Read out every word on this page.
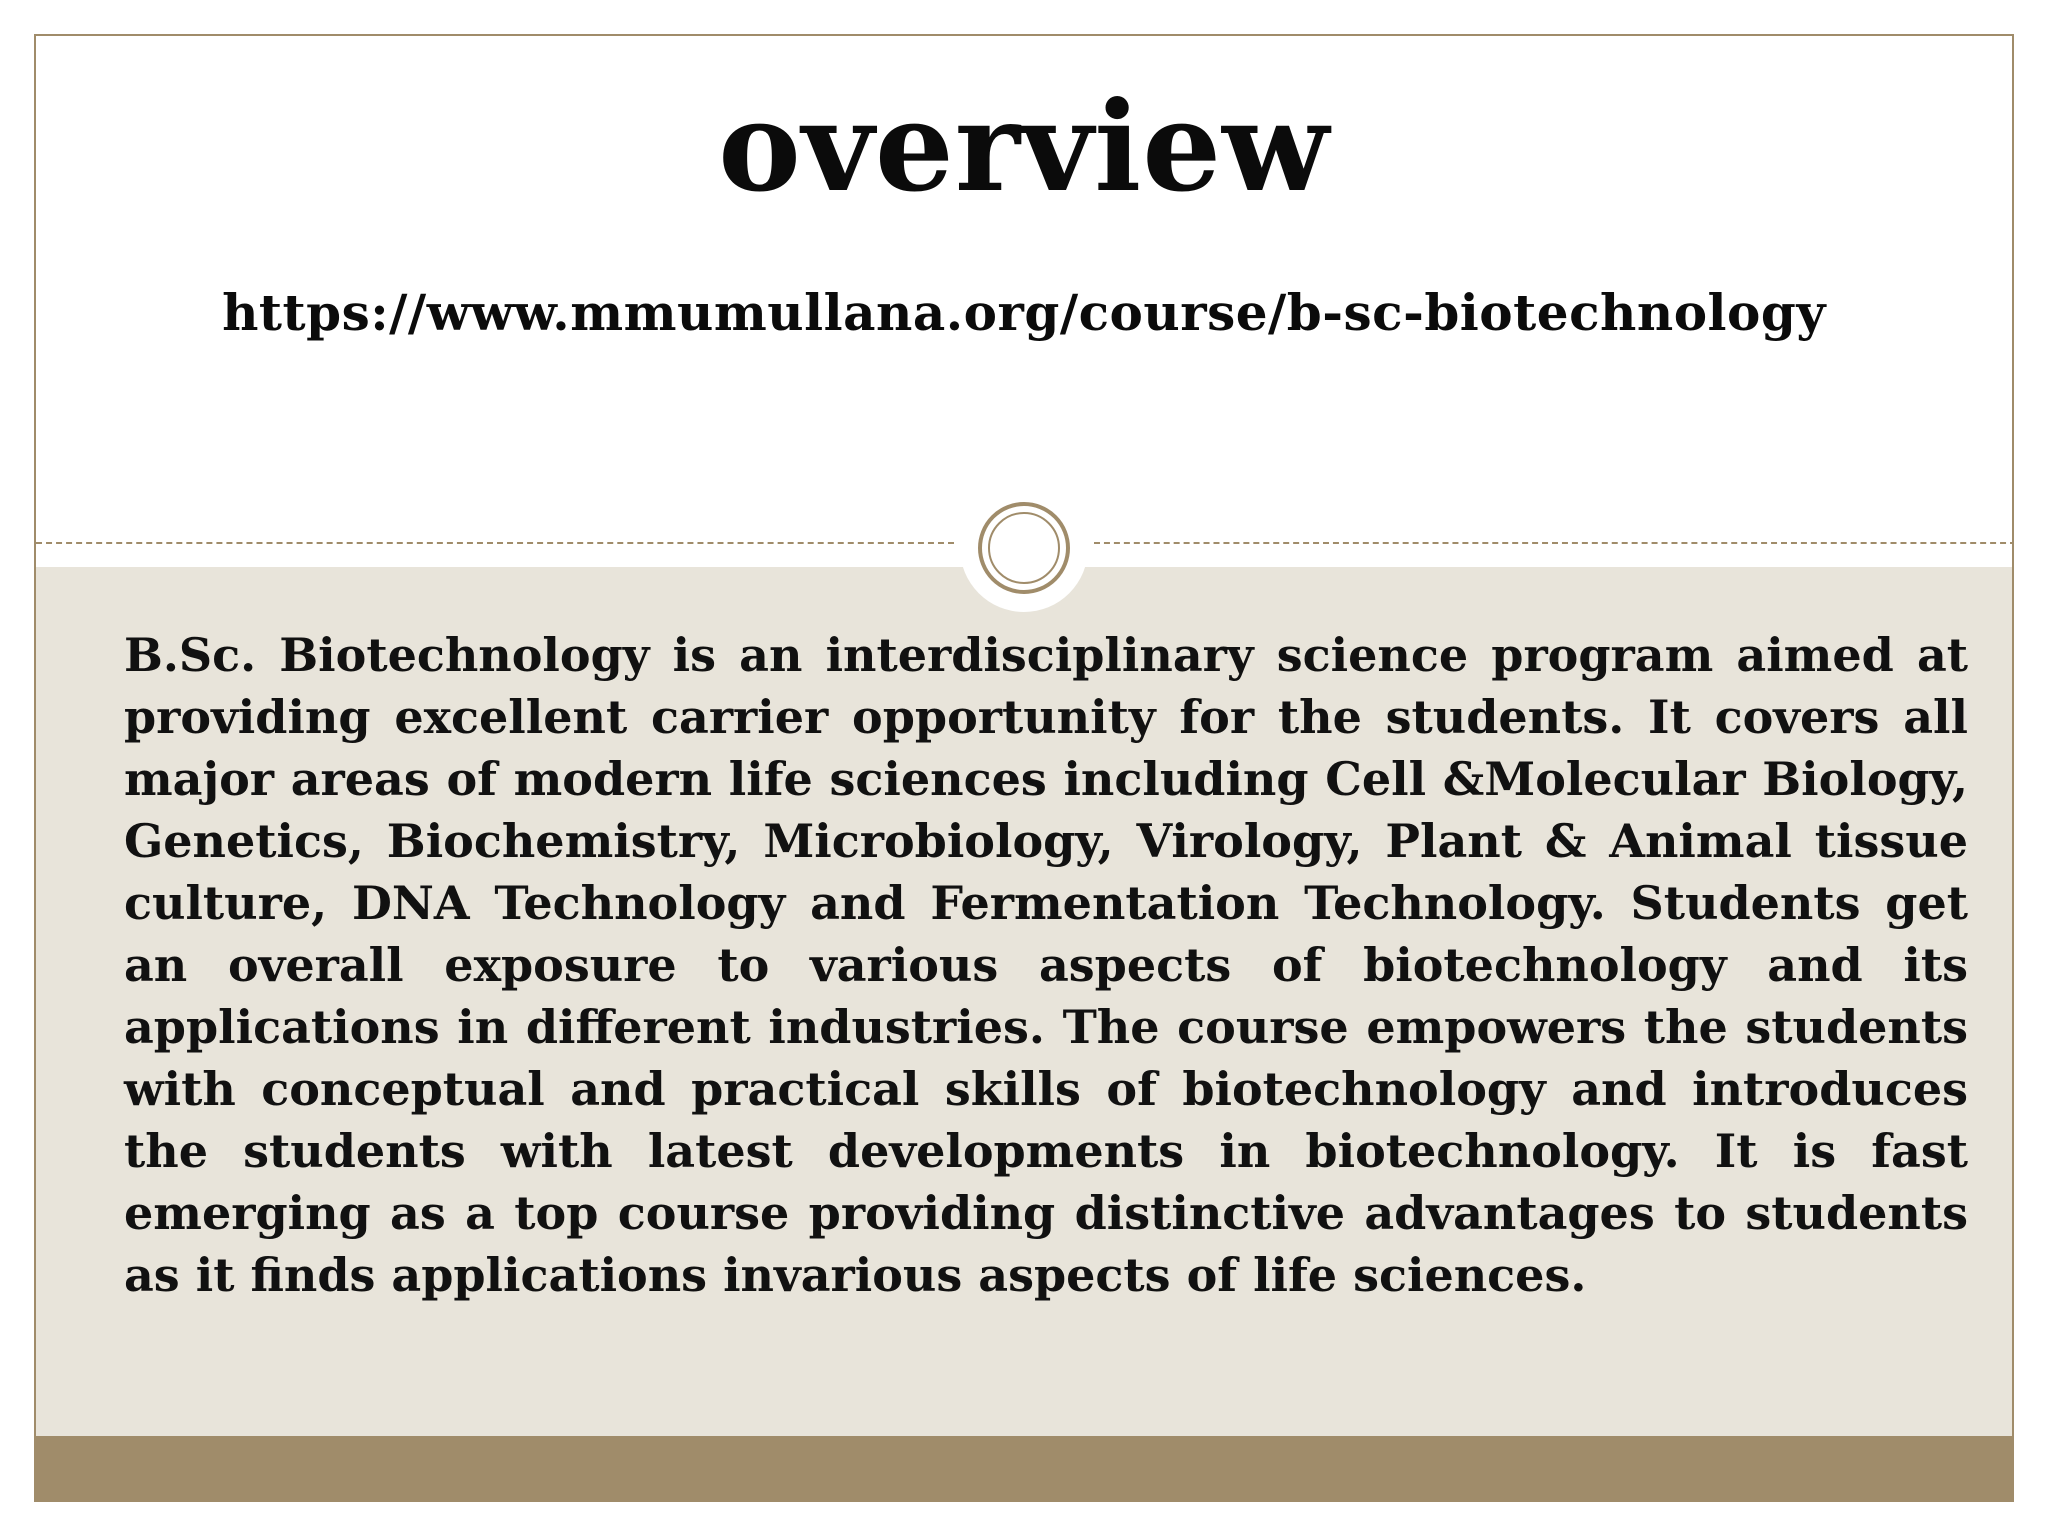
overview
https://www.mmumullana.org/course/b-sc-biotechnology

B.Sc. Biotechnology is an interdisciplinary science program aimed at providing excellent carrier opportunity for the students. It covers all major areas of modern life sciences including Cell &Molecular Biology, Genetics, Biochemistry, Microbiology, Virology, Plant & Animal tissue culture, DNA Technology and Fermentation Technology. Students get an overall exposure to various aspects of biotechnology and its applications in different industries. The course empowers the students with conceptual and practical skills of biotechnology and introduces the students with latest developments in biotechnology. It is fast emerging as a top course providing distinctive advantages to students as it finds applications invarious aspects of life sciences.
